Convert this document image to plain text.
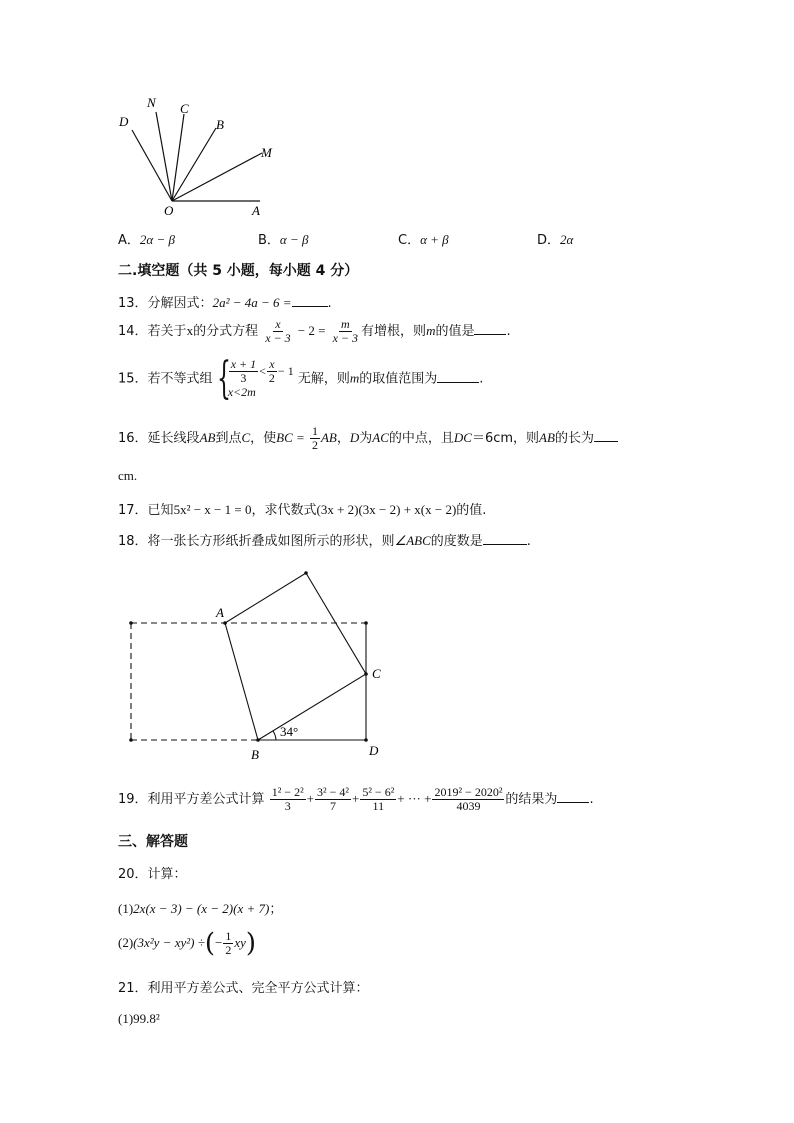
D
N C
B
M
O	A
A．2α − β	B．α − β	C．α + β	D．2α
二.填空题（共 5 小题，每小题 4 分）
13．分解因式：2a² − 4a − 6 =	.
14．若关于x的分式方程 $\frac{x}{x - 3} - 2 = \frac{m}{x - 3}$ 有增根，则m的值是 .
15．若不等式组 {
$\frac{x + 1}{3} < \frac{x}{2} - 1$
x<2m
无解，则m的取值范围为	.
16．延长线段AB到点C，使BC = $\frac{1}{2}$ AB，D为AC的中点，且DC＝6cm，则AB的长为
cm.
17．已知5x² − x − 1 = 0，求代数式(3x + 2)(3x − 2) + x(x − 2)的值.
18．将一张长方形纸折叠成如图所示的形状，则∠ABC的度数是	.
A
B
C
D
34°
19．利用平方差公式计算 $\frac{\text{1² − 2²}}{3} + \frac{\text{3² − 4²}}{7} + \frac{\text{5² − 6²}}{11}$ + ··· + $\frac{\text{2019² − 2020²}}{4039}$ 的结果为 .
三、解答题
20．计算：
(1)2x(x − 3) − (x − 2)(x + 7)；
(2)(3x²y − xy²) ÷(− $\frac{1}{2} xy$)
21．利用平方差公式、完全平方公式计算：
(1)99.8²
